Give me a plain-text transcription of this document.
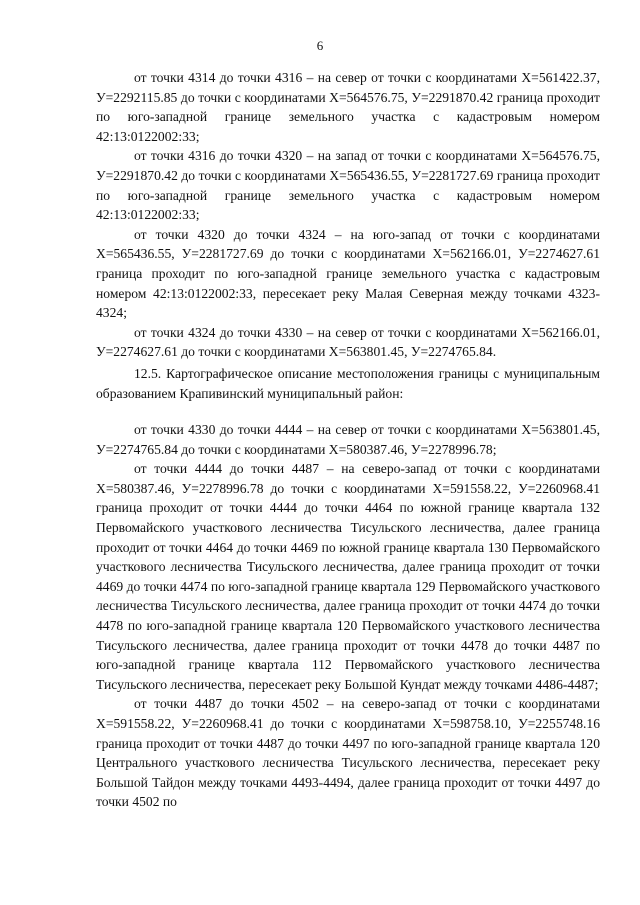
6

от точки 4314 до точки 4316 – на север от точки с координатами Х=561422.37, У=2292115.85 до точки с координатами Х=564576.75, У=2291870.42 граница проходит по юго-западной границе земельного участка с кадастровым номером 42:13:0122002:33;

от точки 4316 до точки 4320 – на запад от точки с координатами Х=564576.75, У=2291870.42 до точки с координатами Х=565436.55, У=2281727.69 граница проходит по юго-западной границе земельного участка с кадастровым номером 42:13:0122002:33;

от точки 4320 до точки 4324 – на юго-запад от точки с координатами Х=565436.55, У=2281727.69 до точки с координатами Х=562166.01, У=2274627.61 граница проходит по юго-западной границе земельного участка с кадастровым номером 42:13:0122002:33, пересекает реку Малая Северная между точками 4323-4324;

от точки 4324 до точки 4330 – на север от точки с координатами Х=562166.01, У=2274627.61 до точки с координатами Х=563801.45, У=2274765.84.

12.5. Картографическое описание местоположения границы с муниципальным образованием Крапивинский муниципальный район:

от точки 4330 до точки 4444 – на север от точки с координатами Х=563801.45, У=2274765.84 до точки с координатами Х=580387.46, У=2278996.78;

от точки 4444 до точки 4487 – на северо-запад от точки с координатами Х=580387.46, У=2278996.78 до точки с координатами Х=591558.22, У=2260968.41 граница проходит от точки 4444 до точки 4464 по южной границе квартала 132 Первомайского участкового лесничества Тисульского лесничества, далее граница проходит от точки 4464 до точки 4469 по южной границе квартала 130 Первомайского участкового лесничества Тисульского лесничества, далее граница проходит от точки 4469 до точки 4474 по юго-западной границе квартала 129 Первомайского участкового лесничества Тисульского лесничества, далее граница проходит от точки 4474 до точки 4478 по юго-западной границе квартала 120 Первомайского участкового лесничества Тисульского лесничества, далее граница проходит от точки 4478 до точки 4487 по юго-западной границе квартала 112 Первомайского участкового лесничества Тисульского лесничества, пересекает реку Большой Кундат между точками 4486-4487;

от точки 4487 до точки 4502 – на северо-запад от точки с координатами Х=591558.22, У=2260968.41 до точки с координатами Х=598758.10, У=2255748.16 граница проходит от точки 4487 до точки 4497 по юго-западной границе квартала 120 Центрального участкового лесничества Тисульского лесничества, пересекает реку Большой Тайдон между точками 4493-4494, далее граница проходит от точки 4497 до точки 4502 по
